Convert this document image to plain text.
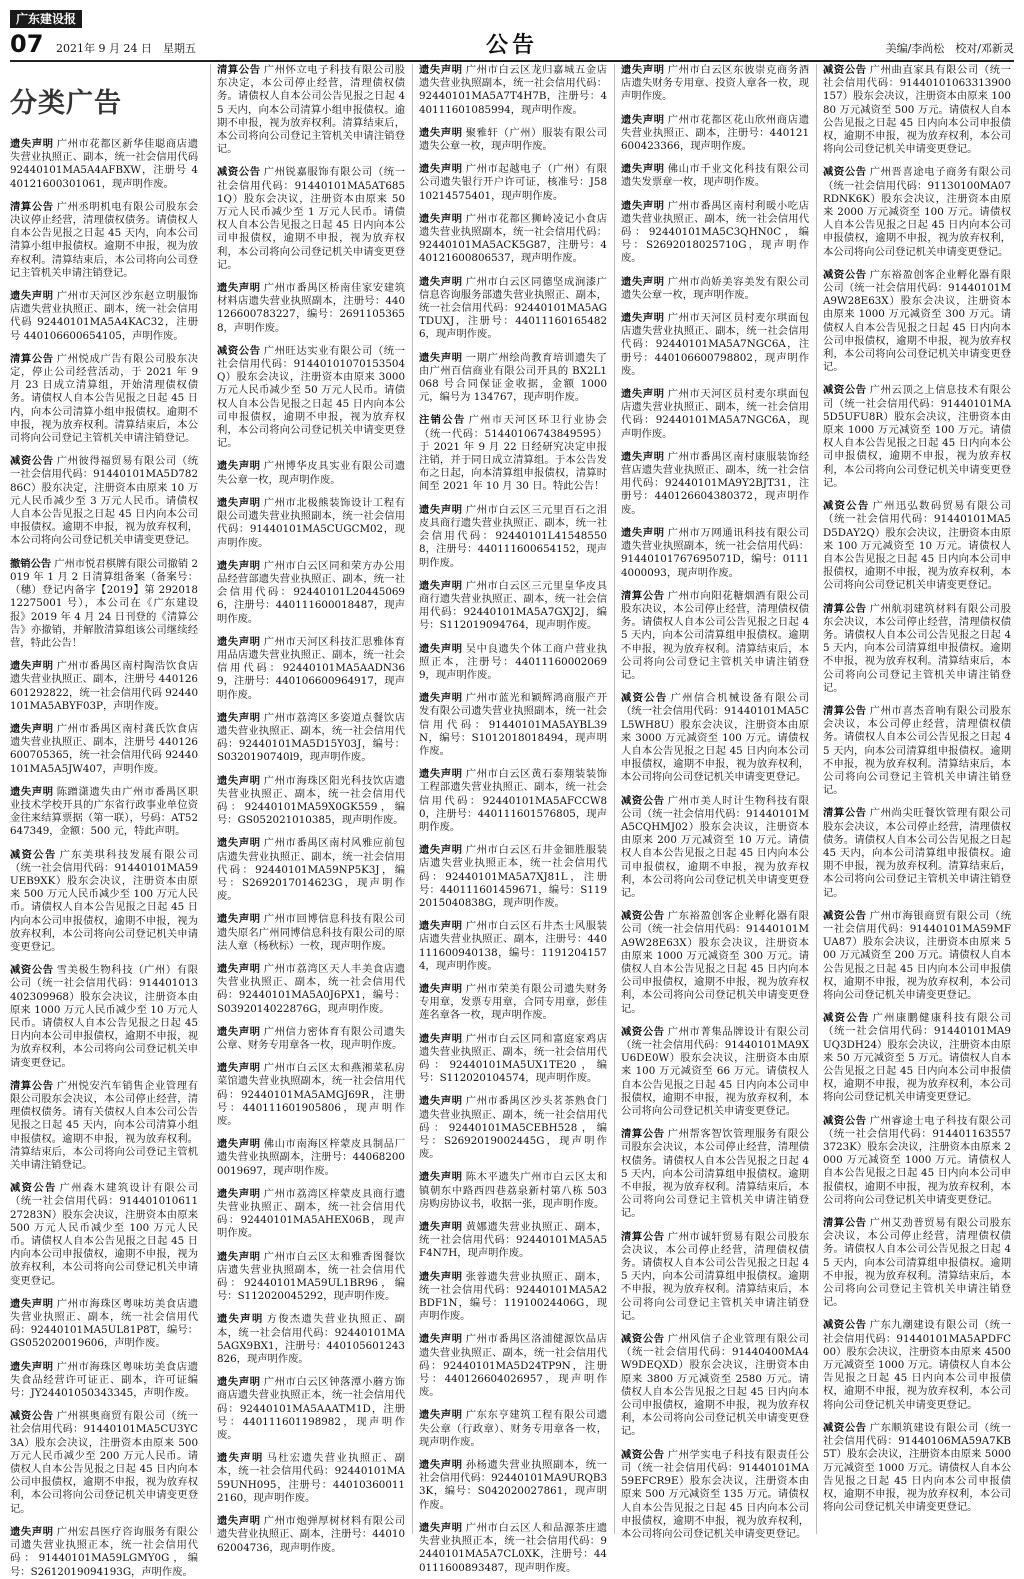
广东建设报
07 2021年 9 月 24 日　星期五	公告	美编/李尚松　校对/邓新灵
分类广告

遗失声明 广州市花都区新华佳聪商店遗失营业执照正、副本，统一社会信用代码 92440101MA5A4AFBXW，注册号 440121600301061，现声明作废。

清算公告 广州丞明机电有限公司股东会决议停止经营，清理债权债务。请债权人自本公告见报之日起 45 天内，向本公司清算小组申报债权。逾期不申报，视为放弃权利。清算结束后，本公司将向公司登记主管机关申请注销登记。

遗失声明 广州市天河区沙东赵立明服饰店遗失营业执照正、副本，统一社会信用代码 92440101MA5A4KAC32，注册号 440106600654105，声明作废。

清算公告 广州悦成广告有限公司股东决定，停止公司经营活动，于 2021 年 9 月 23 日成立清算组，开始清理债权债务。请债权人自本公告见报之日起 45 日内，向本公司清算小组申报债权。逾期不申报，视为放弃权利。清算结束后，本公司将向公司登记主管机关申请注销登记。

减资公告 广州彼得福贸易有限公司（统一社会信用代码：91440101MA5D78286C）股东决定，注册资本由原来 10 万元人民币减少至 3 万元人民币。请债权人自本公告见报之日起 45 日内向本公司申报债权。逾期不申报，视为放弃权利，本公司将向公司登记机关申请变更登记。

撤销公告 广州市悦君棋牌有限公司撤销 2019 年 1 月 2 日清算组备案（备案号：（穗）登记内备字【2019】第 29201812275001 号），本公司在《广东建设报》2019 年 4 月 24 日刊登的《清算公告》亦撤销，并解散清算组该公司继续经营，特此公告！

遗失声明 广州市番禺区南村陶浩饮食店遗失营业执照正、副本，注册号 440126601292822，统一社会信用代码 92440101MA5ABYF03P，声明作废。

遗失声明 广州市番禺区南村龚氏饮食店遗失营业执照正、副本，注册号 440126600705365，统一社会信用代码 92440101MA5A5JW407，声明作废。

遗失声明 陈蹭潇遗失由广州市番禺区职业技术学校开具的广东省行政事业单位资金往来结算票据（第一联），号码：AT52647349，金额：500 元，特此声明。

减资公告 广东美琪科技发展有限公司（统一社会信用代码：91440101MA59UEB9XK）股东会决议，注册资本由原来 500 万元人民币减少至 100 万元人民币。请债权人自本公告见报之日起 45 日内向本公司申报债权，逾期不申报，视为放弃权利，本公司将向公司登记机关申请变更登记。

减资公告 雪美极生物科技（广州）有限公司（统一社会信用代码：914401013402309968）股东会决议，注册资本由原来 1000 万元人民币减少至 10 万元人民币。请债权人自本公告见报之日起 45 日内向本公司申报债权，逾期不申报，视为放弃权利，本公司将向公司登记机关申请变更登记。

清算公告 广州悦安汽车销售企业管理有限公司股东会决议，本公司停止经营，清理债权债务。请有关债权人自本公司公告见报之日起 45 天内，向本公司清算小组申报债权。逾期不申报，视为放弃权利。清算结束后，本公司将向公司登记主管机关申请注销登记。

减资公告 广州森木建筑设计有限公司（统一社会信用代码：91440101061127283N）股东会决议，注册资本由原来 500 万元人民币减少至 100 万元人民币。请债权人自本公告见报之日起 45 日内向本公司申报债权，逾期不申报，视为放弃权利，本公司将向公司登记机关申请变更登记。

遗失声明 广州市海珠区粤味坊美食店遗失营业执照正、副本，统一社会信用代码：92440101MA5UL81P8T，编号：GS052020019606，声明作废。

遗失声明 广州市海珠区粤味坊美食店遗失食品经营许可证正、副本，许可证编号：JY24401050343345，声明作废。

减资公告 广州祺奥商贸有限公司（统一社会信用代码：91440101MA5CU3YC3A）股东会决议，注册资本由原来 500 万元人民币减少至 200 万元人民币。请债权人自本公告见报之日起 45 日内向本公司申报债权，逾期不申报，视为放弃权利，本公司将向公司登记机关申请变更登记。

遗失声明 广州宏昌医疗咨询服务有限公司遗失营业执照正本，统一社会信用代码：91440101MA59LGMY0G，编号：S2612019094193G，声明作废。

清算公告 广州怀立电子科技有限公司股东决定，本公司停止经营，清理债权债务。请债权人自本公司公告见报之日起 45 天内，向本公司清算小组申报债权。逾期不申报，视为放弃权利。清算结束后，本公司将向公司登记主管机关申请注销登记。

减资公告 广州锐嘉服饰有限公司（统一社会信用代码：91440101MA5AT6851Q）股东会决议，注册资本由原来 50 万元人民币减少至 1 万元人民币。请债权人自本公告见报之日起 45 日内向本公司申报债权，逾期不申报，视为放弃权利，本公司将向公司登记机关申请变更登记。

遗失声明 广州市番禺区桥南佳家安建筑材料店遗失营业执照副本，注册号：440126600783227，编号：26911053658，声明作废。

减资公告 广州旺达实业有限公司（统一社会信用代码：91440101070153504Q）股东会决议，注册资本由原来 3000 万元人民币减少至 50 万元人民币。请债权人自本公告见报之日起 45 日内向本公司申报债权，逾期不申报，视为放弃权利，本公司将向公司登记机关申请变更登记。

遗失声明 广州博华皮具实业有限公司遗失公章一枚，现声明作废。

遗失声明 广州市北极熊装饰设计工程有限公司遗失营业执照副本，统一社会信用代码：91440101MA5CUGCM02，现声明作废。

遗失声明 广州市白云区同和荣方办公用品经营部遗失营业执照正、副本，统一社会信用代码：92440101L204450696，注册号：440111600018487，现声明作废。

遗失声明 广州市天河区科技汇思雅体育用品店遗失营业执照正、副本，统一社会信用代码：92440101MA5AADN369，注册号：440106600964917，现声明作废。

遗失声明 广州市荔湾区多姿道点餐饮店遗失营业执照正、副本，统一社会信用代码：92440101MA5D15Y03J，编号：S0320190740l9，现声明作废。

遗失声明 广州市海珠区阳光科技饮店遗失营业执照正、副本，统一社会信用代码：92440101MA59X0GK559，编号：GS052021010385，现声明作废。

遗失声明 广州市番禺区南村风雅应前包店遗失营业执照正、副本，统一社会信用代码：92440101MA59NP5K3J，编号：S2692017014623G，现声明作废。

遗失声明 广州市回博信息科技有限公司遗失原名广州同博信息科技有限公司的原法人章（杨秋标）一枚，现声明作废。

遗失声明 广州市荔湾区天人丰美食店遗失营业执照正、副本，统一社会信用代码：92440101MA5A0J6PX1，编号：S0392014022876G，现声明作废。

遗失声明 广州信力密体育有限公司遗失公章、财务专用章各一枚，现声明作废。

遗失声明 广州市白云区太和燕湘菜私房菜馆遗失营业执照副本，统一社会信用代码：92440101MA5AMGJ69R，注册号：440111601905806，现声明作废。

遗失声明 佛山市南海区梓蒙皮具制品厂遗失营业执照副本，注册号：440682000019697，现声明作废。

遗失声明 广州市荔湾区梓蒙皮具商行遗失营业执照正、副本，统一社会信用代码：92440101MA5AHEX06B，现声明作废。

遗失声明 广州市白云区太和雅香图餐饮店遗失营业执照副本，统一社会信用代码：92440101MA59UL1BR96，编号：S112020045292，现声明作废。

遗失声明 方俊杰遗失营业执照正、副本，统一社会信用代码：92440101MA5AGX9BX1，注册号：440105601243826，现声明作废。

遗失声明 广州市白云区钟落潭小蘑方饰商店遗失营业执照正本，统一社会信用代码：92440101MA5AAATM1D，注册号：440111601198982，现声明作废。

遗失声明 马杜宏遗失营业执照正、副本，统一社会信用代码：92440101MA59UNH095，注册号：440103600112160，现声明作废。

遗失声明 广州市炮弹厚树材料有限公司遗失营业执照正、副本，注册号：440106200473​6，现声明作废。

遗失声明 广州市白云区龙归嘉城五金店遗失营业执照副本，统一社会信用代码：92440101MA5A7T4H7B，注册号：440111601085994，现声明作废。

遗失声明 聚雅轩（广州）服装有限公司遗失公章一枚，现声明作废。

遗失声明 广州市起越电子（广州）有限公司遗失银行开户许可证，核准号：J5810214575401，现声明作废。

遗失声明 广州市花都区狮岭凌记小食店遗失营业执照副本，统一社会信用代码：92440101MA5ACK5G87，注册号：440121600806537，现声明作废。

遗失声明 广州市白云区同德坚成涧漆广信息咨询服务部遗失营业执照正、副本，统一社会信用代码：92440101MA5AGTDUXJ，注册号：440111601654826，现声明作废。

遗失声明 一期广州绘尚教育培训遗失了由广州百信商业有限公司开具的 BX2L1068 号合同保证金收据，金额 1000 元，编号为 134767，现声明作废。

注销公告 广州市天河区环卫行业协会（统一代码：51440106743849595）于 2021 年 9 月 22 日经研究决定申报注销，并于同日成立清算组。于本公告发布之日起，向本清算组申报债权，清算时间至 2021 年 10 月 30 日。特此公告！

遗失声明 广州市白云区三元里百石之泪皮具商行遗失营业执照正、副本，统一社会信用代码：92440101L415485508，注册号：440111600654152，现声明作废。

遗失声明 广州市白云区三元里皇华皮具商行遗失营业执照正、副本，统一社会信用代码：92440101MA5A7GXJ2J，编号：S112019094764，现声明作废。

遗失声明 吴中良遗失个体工商户营业执照正本，注册号：440111600020699，现声明作废。

遗失声明 广州市蓝光和颖辉鸿商服产开发有限公司遗失营业执照副本，统一社会信用代码：91440101MA5AYBL39N，编号：S1012018018494，现声明作废。

遗失声明 广州市白云区黄石泰翔装装饰工程部遗失营业执照正、副本，统一社会信用代码：92440101MA5AFCCW80，注册号：440111601576805，现声明作废。

遗失声明 广州市白云区石井金钿胜服装店遗失营业执照正本，统一社会信用代码：92440101MA5A7XJ81L，注册号：440111601459671，编号：S1192015040838G，现声明作废。

遗失声明 广州市白云区石井杰士风服装店遗失营业执照正、副本，注册号：440111600940138，编号：11912041574，现声明作废。

遗失声明 广州市荣美有限公司遗失财务专用章，发票专用章，合同专用章，彭佳莲名章各一枚，现声明作废。

遗失声明 广州市白云区同和富庭家鸡店遗失营业执照正、副本，统一社会信用代码：92440101MA5UX1TE20，编号：S112020104574，现声明作废。

遗失声明 广州市番禺区沙头茗茶熟食门遗失营业执照正、副本，统一社会信用代码：92440101MA5CEBH528，编号：S2692019002445G，现声明作废。

遗失声明 陈木平遗失广州市白云区太和镇朝东中路西四巷荔泉新村第八栋 503 房购房协议书，收据一张，现声明作废。

遗失声明 黄娜遗失营业执照正、副本，统一社会信用代码：92440101MA5A5F4N7H，现声明作废。

遗失声明 张蓉遗失营业执照正、副本，统一社会信用代码：92440101MA5A2BDF1N，编号：11910024406G，现声明作废。

遗失声明 广州市番禺区洛浦健源饮品店遗失营业执照正、副本，统一社会信用代码：92440101MA5D24TP9N，注册号：440126604026957，现声明作废。

遗失声明 广东东亨建筑工程有限公司遗失公章（行政章）、财务专用章各一枚，现声明作废。

遗失声明 孙杨遗失营业执照副本，统一社会信用代码：92440101MA9URQB33K，编号：S042020027861，现声明作废。

遗失声明 广州市白云区人和品源茶庄遗失营业执照正本，统一社会信用代码：92440101MA5A7CL0XK，注册号：440111600893487，现声明作废。

遗失声明 广州市白云区东彼崇克商务酒店遗失财务专用章、投资人章各一枚，现声明作废。

遗失声明 广州市花都区花山欣州商店遗失营业执照正、副本，注册号：440121600423366，现声明作废。

遗失声明 佛山市千业文化科技有限公司遗失发票章一枚，现声明作废。

遗失声明 广州市番禺区南村利暖小吃店遗失营业执照正、副本，统一社会信用代码：92440101MA5C3QHN0C，编号：S2692018025710G，现声明作废。

遗失声明 广州市尚娇美容美发有限公司遗失公章一枚，现声明作废。

遗失声明 广州市天河区员村麦尔琪面包店遗失营业执照正、副本，统一社会信用代码：92440101MA5A7NGC6A，注册号：440106600798802，现声明作废。

遗失声明 广州市天河区员村麦尔琪面包店遗失营业执照正、副本，统一社会信用代码：92440101MA5A7NGC6A，现声明作废。

遗失声明 广州市番禺区南村康服装饰经营店遗失营业执照正、副本，统一社会信用代码：92440101MA9Y2BJT31，注册号：440126604380372，现声明作废。

遗失声明 广州市万网通讯科技有限公司遗失营业执照副本，统一社会信用代码：9144010176769507​1D，编号：01114000093，现声明作废。

清算公告 广州市向阳花糖烟酒有限公司股东决议，本公司停止经营，清理债权债务。请债权人自本公司公告见报之日起 45 天内，向本公司清算组申报债权。逾期不申报，视为放弃权利。清算结束后，本公司将向公司登记主管机关申请注销登记。

减资公告 广州信合机械设备有限公司（统一社会信用代码：91440101MA5CL5WH8U）股东会决议，注册资本由原来 3000 万元减资至 100 万元。请债权人自本公告见报之日起 45 日内向本公司申报债权，逾期不申报，视为放弃权利，本公司将向公司登记机关申请变更登记。

减资公告 广州市美人时计生物科技有限公司（统一社会信用代码：91440101MA5CQHMJ02）股东会决议，注册资本由原来 200 万元减资至 10 万元。请债权人自本公告见报之日起 45 日内向本公司申报债权，逾期不申报，视为放弃权利，本公司将向公司登记机关申请变更登记。

减资公告 广东裕盈创客企业孵化器有限公司（统一社会信用代码：91440101MA9W28E63X）股东会决议，注册资本由原来 1000 万元减资至 300 万元。请债权人自本公告见报之日起 45 日内向本公司申报债权，逾期不申报，视为放弃权利，本公司将向公司登记机关申请变更登记。

减资公告 广州市菁集品牌设计有限公司（统一社会信用代码：91440101MA9XU6DE0W）股东会决议，注册资本由原来 100 万元减资至 66 万元。请债权人自本公告见报之日起 45 日内向本公司申报债权，逾期不申报，视为放弃权利，本公司将向公司登记机关申请变更登记。

清算公告 广州帮客智饮管理服务有限公司股东会决议，本公司停止经营，清理债权债务。请债权人自本公告见报之日起 45 天内，向本公司清算组申报债权。逾期不申报，视为放弃权利。清算结束后，本公司将向公司登记主管机关申请注销登记。

清算公告 广州市诚轩贸易有限公司股东会决议，本公司停止经营，清理债权债务。请债权人自本公司公告见报之日起 45 天内，向本公司清算组申报债权。逾期不申报，视为放弃权利。清算结束后，本公司将向公司登记主管机关申请注销登记。

减资公告 广州风信子企业管理有限公司（统一社会信用代码：91440400MA4W9DEQXD）股东会决议，注册资本由原来 3800 万元减资至 2580 万元。请债权人自本公告见报之日起 45 日内向本公司申报债权，逾期不申报，视为放弃权利，本公司将向公司登记机关申请变更登记。

减资公告 广州学实电子科技有限责任公司（统一社会信用代码：91440101MA59EFCR9E）股东会决议，注册资本由原来 500 万元减资至 135 万元。请债权人自本公告见报之日起 45 日内向本公司申报债权，逾期不申报，视为放弃权利，本公司将向公司登记机关申请变更登记。

减资公告 广州曲直家具有限公司（统一社会信用代码：91440101063313900157）股东会决议，注册资本由原来 10080 万元减资至 500 万元。请债权人自本公告见报之日起 45 日内向本公司申报债权，逾期不申报，视为放弃权利，本公司将向公司登记机关申请变更登记。

减资公告 广州晋喜途电子商务有限公司（统一社会信用代码：91130100MA07RDNK6K）股东会决议，注册资本由原来 2000 万元减资至 100 万元。请债权人自本公告见报之日起 45 日内向本公司申报债权，逾期不申报，视为放弃权利，本公司将向公司登记机关申请变更登记。

减资公告 广东裕盈创客企业孵化器有限公司（统一社会信用代码：91440101MA9W28E63X）股东会决议，注册资本由原来 1000 万元减资至 300 万元。请债权人自本公告见报之日起 45 日内向本公司申报债权，逾期不申报，视为放弃权利，本公司将向公司登记机关申请变更登记。

减资公告 广州云顶之上信息技术有限公司（统一社会信用代码：91440101MA5D5UFU8R）股东会决议，注册资本由原来 1000 万元减资至 100 万元。请债权人自本公告见报之日起 45 日内向本公司申报债权，逾期不申报，视为放弃权利，本公司将向公司登记机关申请变更登记。

减资公告 广州迅弘数码贸易有限公司（统一社会信用代码：91440101MA5D5DAY2Q）股东会决议，注册资本由原来 100 万元减资至 10 万元。请债权人自本公告见报之日起 45 日内向本公司申报债权，逾期不申报，视为放弃权利，本公司将向公司登记机关申请变更登记。

清算公告 广州航羽建筑材料有限公司股东会决议，本公司停止经营，清理债权债务。请债权人自本公司公告见报之日起 45 天内，向本公司清算组申报债权。逾期不申报，视为放弃权利。清算结束后，本公司将向公司登记主管机关申请注销登记。

清算公告 广州市喜杰音响有限公司股东会决议，本公司停止经营，清理债权债务。请债权人自本公司公告见报之日起 45 天内，向本公司清算组申报债权。逾期不申报，视为放弃权利。清算结束后，本公司将向公司登记主管机关申请注销登记。

清算公告 广州尚尖旺餐饮管理有限公司股东会决议，本公司停止经营，清理债权债务。请债权人自本公司公告见报之日起 45 天内，向本公司清算组申报债权。逾期不申报，视为放弃权利。清算结束后，本公司将向公司登记主管机关申请注销登记。

减资公告 广州市海银商贸有限公司（统一社会信用代码：91440101MA59MFUA87）股东会决议，注册资本由原来 500 万元减资至 200 万元。请债权人自本公告见报之日起 45 日内向本公司申报债权，逾期不申报，视为放弃权利，本公司将向公司登记机关申请变更登记。

减资公告 广州康鹏健康科技有限公司（统一社会信用代码：91440101MA9UQ3DH24）股东会决议，注册资本由原来 50 万元减资至 5 万元。请债权人自本公告见报之日起 45 日内向本公司申报债权，逾期不申报，视为放弃权利，本公司将向公司登记机关申请变更登记。

减资公告 广州睿途士电子科技有限公司（统一社会信用代码：9144011635573723​K）股东会决议，注册资本由原来 2000 万元减资至 1000 万元。请债权人自本公告见报之日起 45 日内向本公司申报债权，逾期不申报，视为放弃权利，本公司将向公司登记机关申请变更登记。

清算公告 广州艾劲普贸易有限公司股东会决议，本公司停止经营，清理债权债务。请债权人自本公司公告见报之日起 45 天内，向本公司清算组申报债权。逾期不申报，视为放弃权利。清算结束后，本公司将向公司登记主管机关申请注销登记。

减资公告 广东九潮建设有限公司（统一社会信用代码：91440101MA5APDFC00）股东会决议，注册资本由原来 4500 万元减资至 1000 万元。请债权人自本公告见报之日起 45 日内向本公司申报债权，逾期不申报，视为放弃权利，本公司将向公司登记机关申请变更登记。

减资公告 广东顺筑建设有限公司（统一社会信用代码：91440106MA59A7KB5T）股东会决议，注册资本由原来 5000 万元减资至 1000 万元。请债权人自本公告见报之日起 45 日内向本公司申报债权，逾期不申报，视为放弃权利，本公司将向公司登记机关申请变更登记。
